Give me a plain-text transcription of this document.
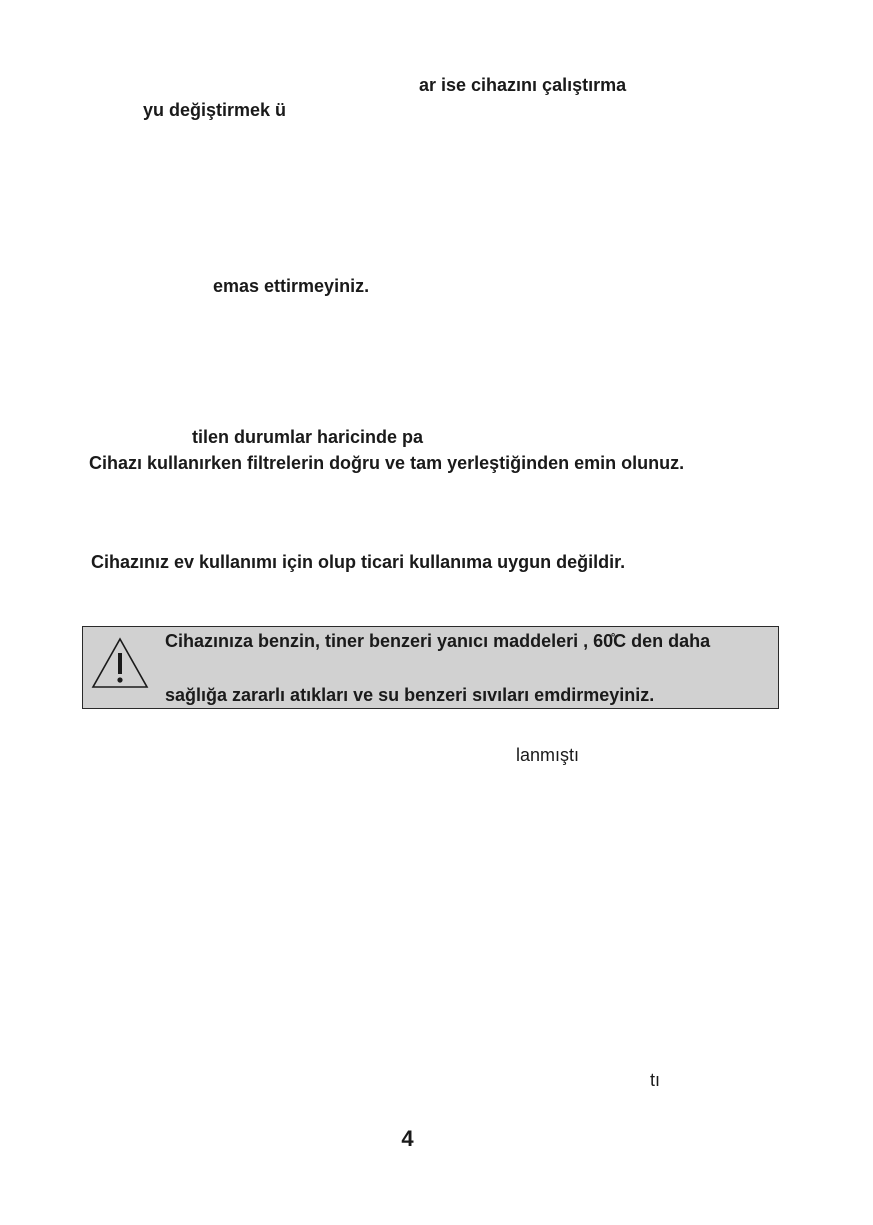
ar ise cihazını çalıştırma
yu değiştirmek ü
emas ettirmeyiniz.
tilen durumlar haricinde pa
Cihazı kullanırken filtrelerin doğru ve tam yerleştiğinden emin olunuz.
Cihazınız ev kullanımı için olup ticari kullanıma uygun değildir.
Cihazınıza benzin, tiner benzeri yanıcı maddeleri , 60̊C den daha
sağlığa zararlı atıkları ve su benzeri sıvıları emdirmeyiniz.
lanmıştı
tı
4
